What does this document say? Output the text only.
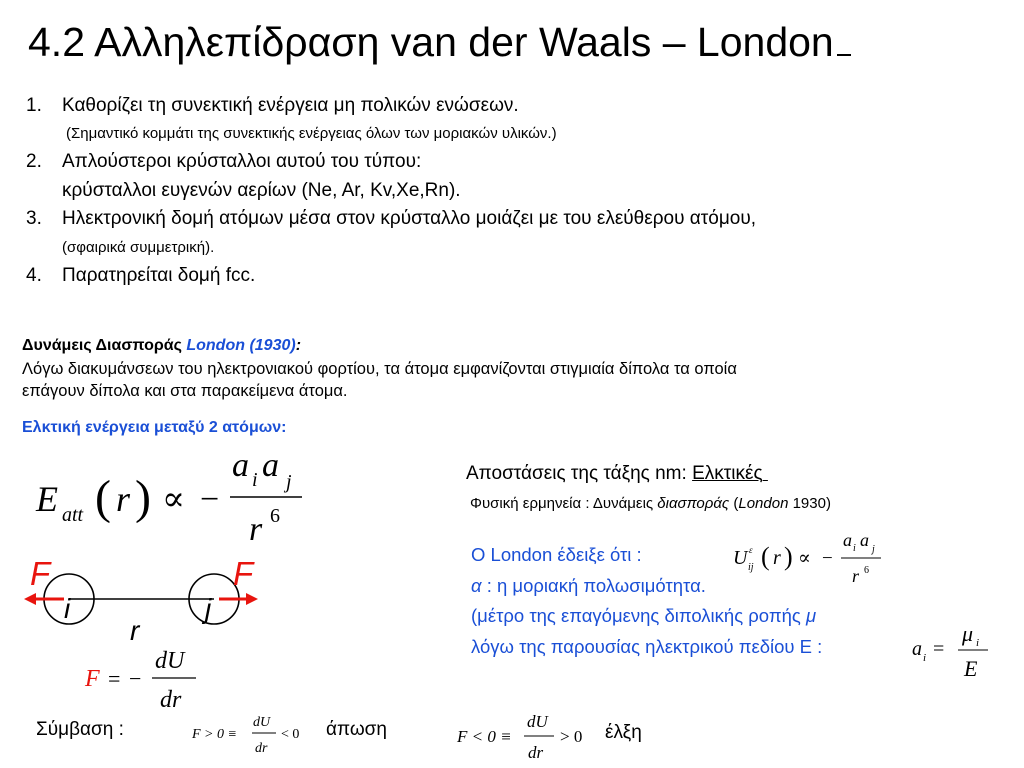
4.2 Αλληλεπίδραση van der Waals – London
1. Καθορίζει τη συνεκτική ενέργεια μη πολικών ενώσεων.
(Σημαντικό κομμάτι της συνεκτικής ενέργειας όλων των μοριακών υλικών.)
2. Απλούστεροι κρύσταλλοι αυτού του τύπου:
κρύσταλλοι ευγενών αερίων (Ne, Ar, Kv,Xe,Rn).
3. Ηλεκτρονική δομή ατόμων μέσα στον κρύσταλλο μοιάζει με του ελεύθερου ατόμου,
(σφαιρικά συμμετρική).
4. Παρατηρείται δομή fcc.
Δυνάμεις Διασποράς London (1930):
Λόγω διακυμάνσεων του ηλεκτρονιακού φορτίου, τα άτομα εμφανίζονται στιγμιαία δίπολα τα οποία
επάγουν δίπολα και στα παρακείμενα άτομα.
Ελκτική ενέργεια μεταξύ 2 ατόμων:
E att ( r ) ∝ −
a i a j
r 6
Αποστάσεις της τάξης nm: Ελκτικές
Φυσική ερμηνεία : Δυνάμεις διασποράς (London 1930)
O London έδειξε ότι :
α : η μοριακή πολωσιμότητα.
(μέτρο της επαγόμενης διπολικής ροπής μ
λόγω της παρουσίας ηλεκτρικού πεδίου E :
U ε
ij ( r ) ∝ −
a i a j
r 6
a i =
μ i
E
F	F
i	j
r
F = −
dU
dr
Σύμβαση :	άπωση	έλξη
F > 0 ≡
dU
dr
< 0	F < 0 ≡
dU
dr
> 0
